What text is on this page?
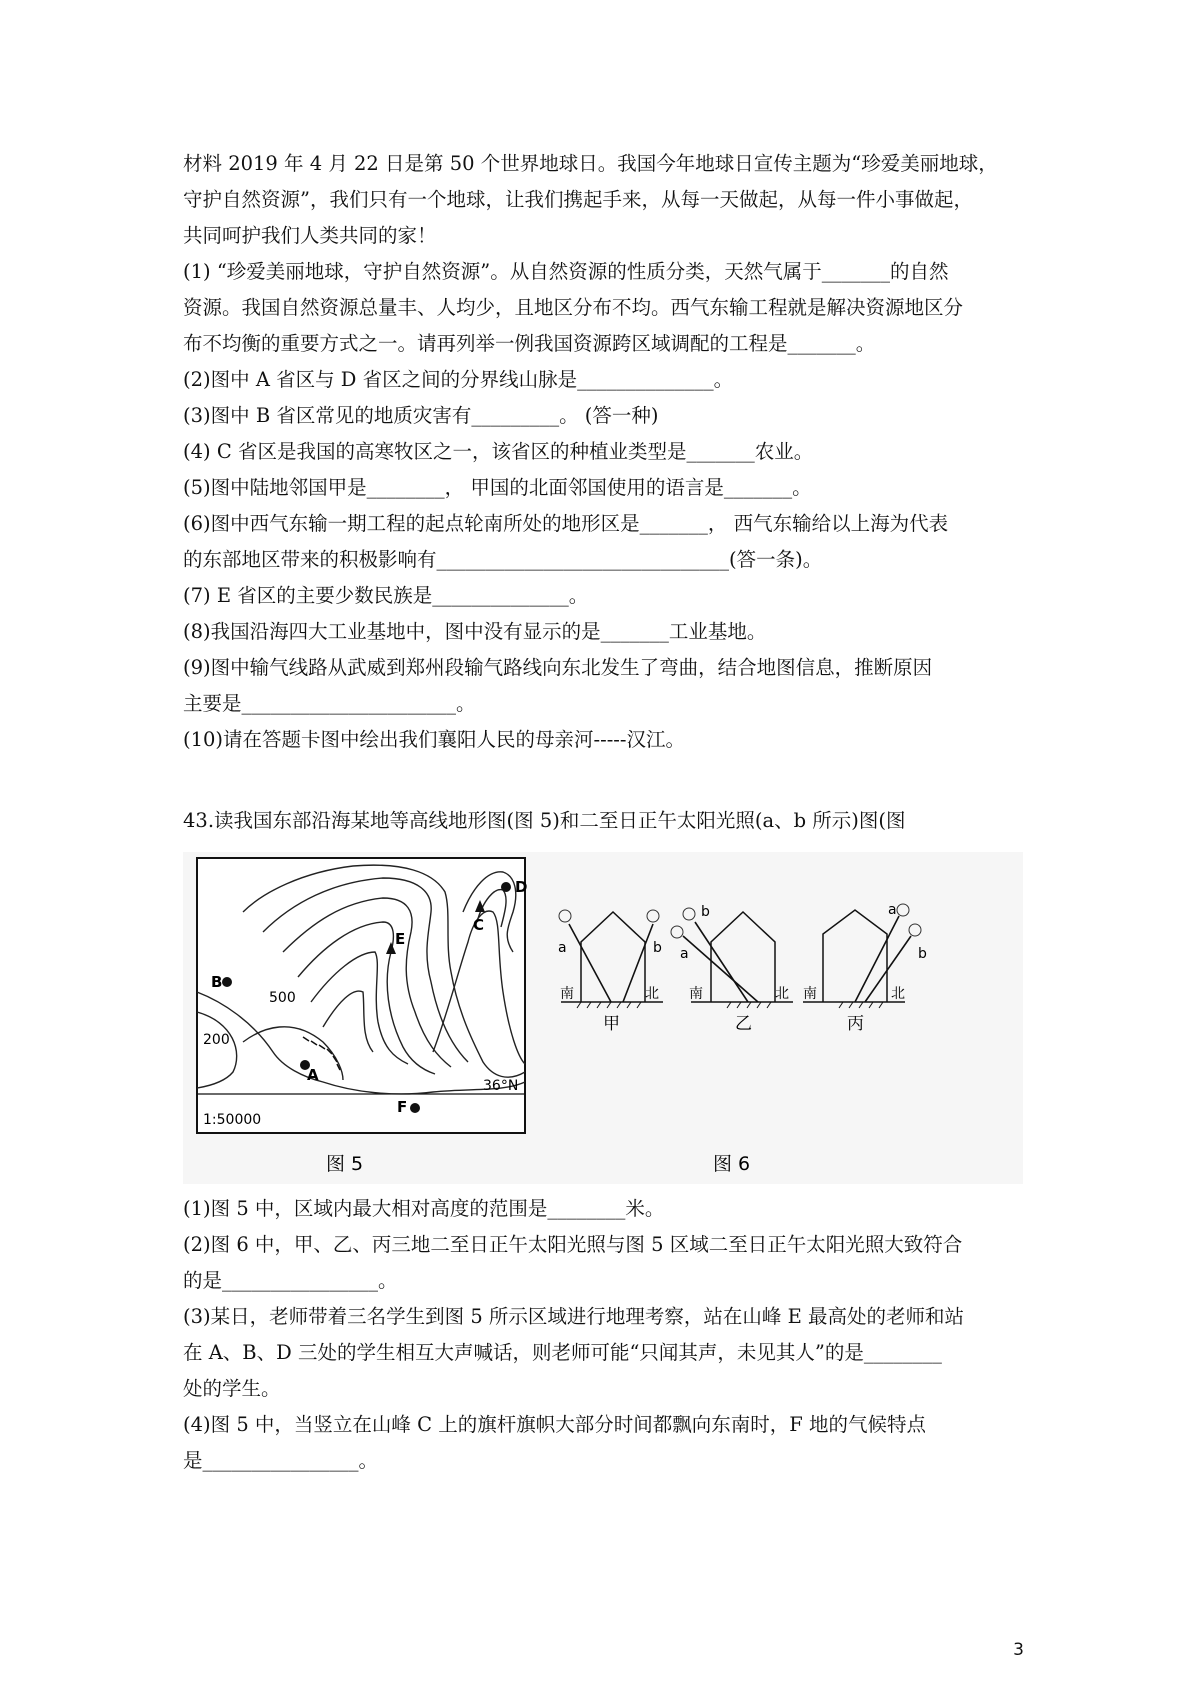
材料 2019 年 4 月 22 日是第 50 个世界地球日。我国今年地球日宣传主题为“珍爱美丽地球，
守护自然资源”，我们只有一个地球，让我们携起手来，从每一天做起，从每一件小事做起，
共同呵护我们人类共同的家！
(1) “珍爱美丽地球，守护自然资源”。从自然资源的性质分类，天然气属于_______的自然
资源。我国自然资源总量丰、人均少，且地区分布不均。西气东输工程就是解决资源地区分
布不均衡的重要方式之一。请再列举一例我国资源跨区域调配的工程是_______。
(2)图中 A 省区与 D 省区之间的分界线山脉是______________。
(3)图中 B 省区常见的地质灾害有_________。 (答一种)
(4) C 省区是我国的高寒牧区之一，该省区的种植业类型是_______农业。
(5)图中陆地邻国甲是________， 甲国的北面邻国使用的语言是_______。
(6)图中西气东输一期工程的起点轮南所处的地形区是_______， 西气东输给以上海为代表
的东部地区带来的积极影响有______________________________(答一条)。
(7) E 省区的主要少数民族是______________。
(8)我国沿海四大工业基地中，图中没有显示的是_______工业基地。
(9)图中输气线路从武威到郑州段输气路线向东北发生了弯曲，结合地图信息，推断原因
主要是______________________。
(10)请在答题卡图中绘出我们襄阳人民的母亲河-----汉江。
43.读我国东部沿海某地等高线地形图(图 5)和二至日正午太阳光照(a、b 所示)图(图
B
A
D
C
E
F
500
200
36°N
1:50000
图 5
a	b
南	北
甲
b
a
南	北
乙
a
b
南	北
丙
图 6
(1)图 5 中，区域内最大相对高度的范围是________米。
(2)图 6 中，甲、乙、丙三地二至日正午太阳光照与图 5 区域二至日正午太阳光照大致符合
的是________________。
(3)某日，老师带着三名学生到图 5 所示区域进行地理考察，站在山峰 E 最高处的老师和站
在 A、B、D 三处的学生相互大声喊话，则老师可能“只闻其声，未见其人”的是________
处的学生。
(4)图 5 中，当竖立在山峰 C 上的旗杆旗帜大部分时间都飘向东南时，F 地的气候特点
是________________。
3
